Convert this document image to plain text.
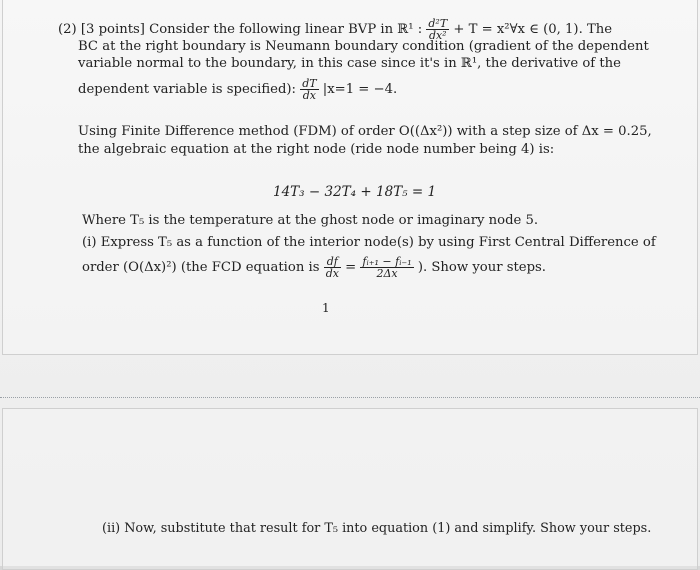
(2) [3 points] Consider the following linear BVP in ℝ¹ : $\frac{\text{d²T}}{\text{dx²}} + T$ = x²∀x ∈ (0, 1). The
BC at the right boundary is Neumann boundary condition (gradient of the dependent
variable normal to the boundary, in this case since it's in ℝ¹, the derivative of the
dependent variable is specified): $\frac{dT}{dx} |x=1 = -4$.
Using Finite Difference method (FDM) of order O((Δx²)) with a step size of Δx = 0.25,
the algebraic equation at the right node (ride node number being 4) is:
14T₃ − 32T₄ + 18T₅ = 1
Where T₅ is the temperature at the ghost node or imaginary node 5.
(i) Express T₅ as a function of the interior node(s) by using First Central Difference of
order (O(Δx)²) (the FCD equation is $\frac{df}{dx} = \frac{\text{fᵢ₊₁ − fᵢ₋₁}}{2\Delta x}$ ). Show your steps.
1
(ii) Now, substitute that result for T₅ into equation (1) and simplify. Show your steps.
